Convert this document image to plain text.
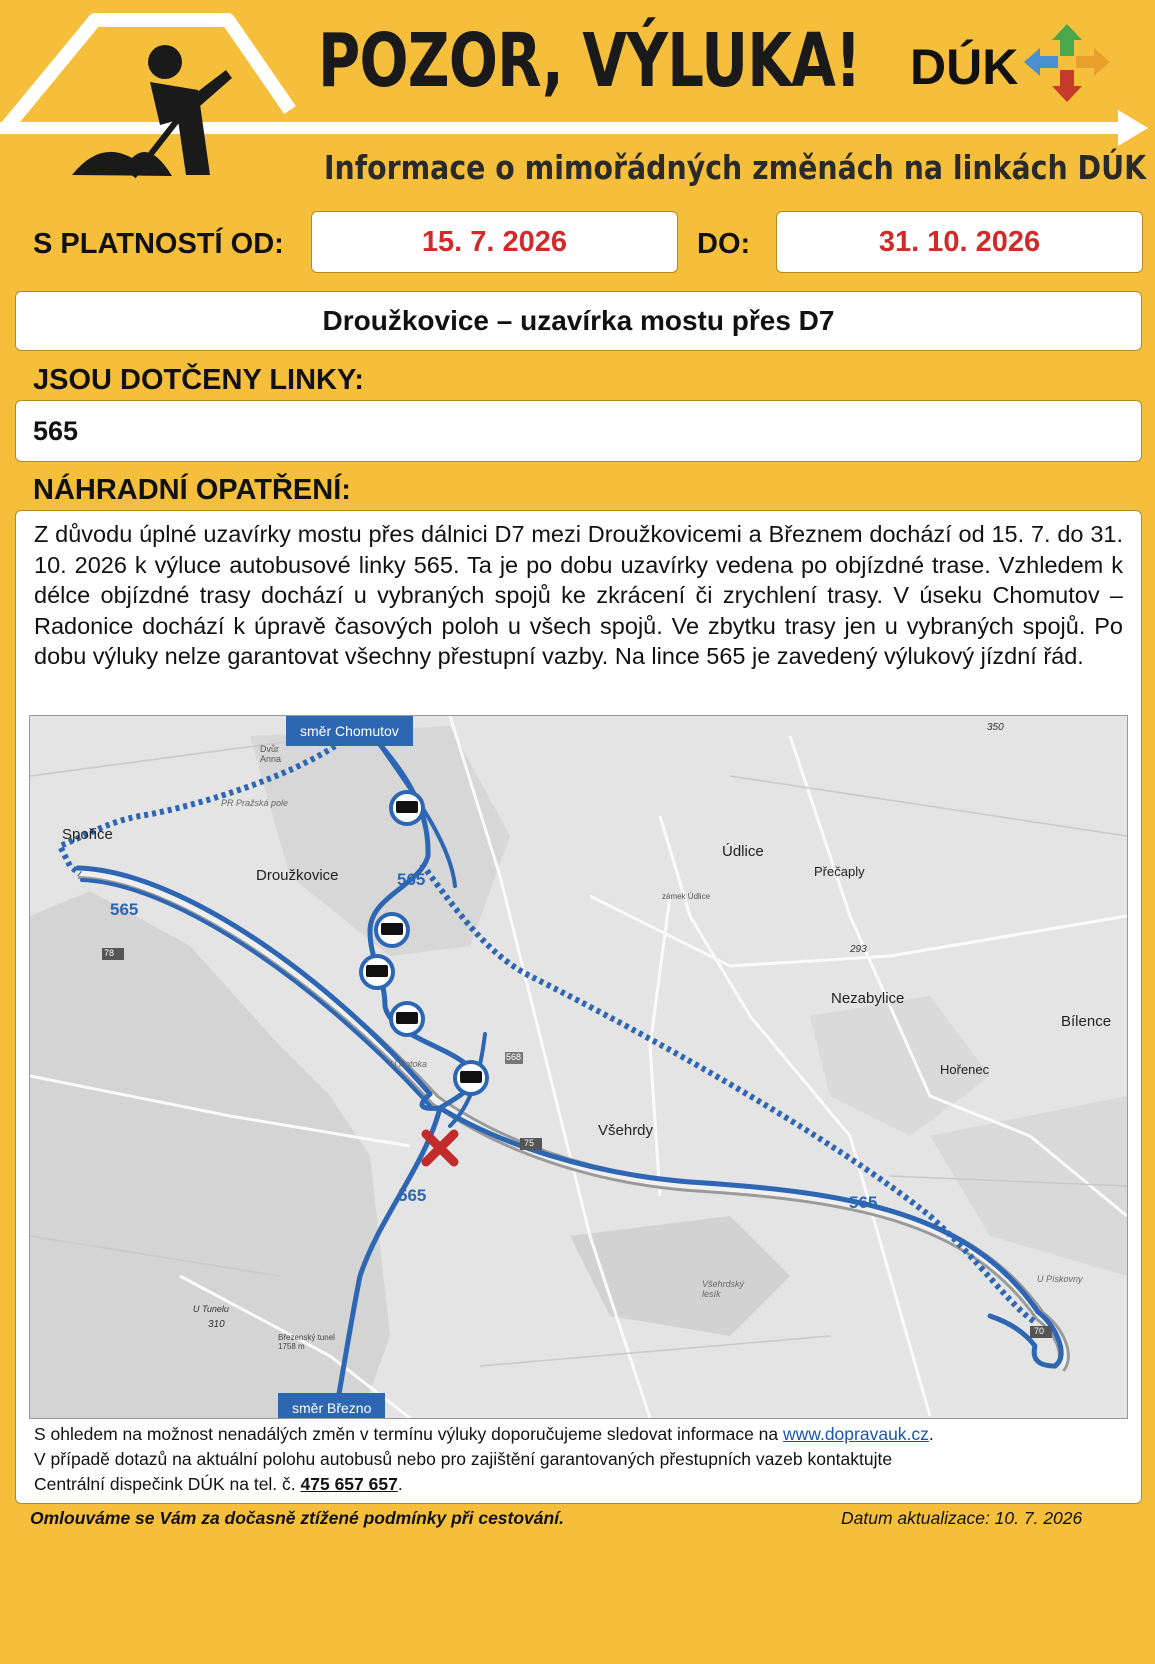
POZOR, VÝLUKA!
Informace o mimořádných změnách na linkách DÚK
DÚK
S PLATNOSTÍ OD:	15. 7. 2026	DO:	31. 10. 2026
Droužkovice – uzavírka mostu přes D7
JSOU DOTČENY LINKY:
565
NÁHRADNÍ OPATŘENÍ:
Z důvodu úplné uzavírky mostu přes dálnici D7 mezi Droužkovicemi a Březnem dochází od 15. 7. do 31. 10. 2026 k výluce autobusové linky 565. Ta je po dobu uzavírky vedena po objízdné trase. Vzhledem k délce objízdné trasy dochází u vybraných spojů ke zkrácení či zrychlení trasy. V úseku Chomutov – Radonice dochází k úpravě časových poloh u všech spojů. Ve zbytku trasy jen u vybraných spojů. Po dobu výluky nelze garantovat všechny přestupní vazby. Na lince 565 je zavedený výlukový jízdní řád.
směr Chomutov
směr Březno
565
565
565	565
Spořice
Droužkovice
Údlice
Přečaply
Nezabylice
Bílence
Hořenec
Všehrdy
Dvůr Anna
zámek Údlice
U Potoka
U Tunelu
U Pískovny
Březenský tunel 1758 m
Všehrdský lesík
PR Pražská pole
78
75
70
568
350
293
310
S ohledem na možnost nenadálých změn v termínu výluky doporučujeme sledovat informace na www.dopravauk.cz.
V případě dotazů na aktuální polohu autobusů nebo pro zajištění garantovaných přestupních vazeb kontaktujte
Centrální dispečink DÚK na tel. č. 475 657 657.
Omlouváme se Vám za dočasně ztížené podmínky při cestování.	Datum aktualizace: 10. 7. 2026
